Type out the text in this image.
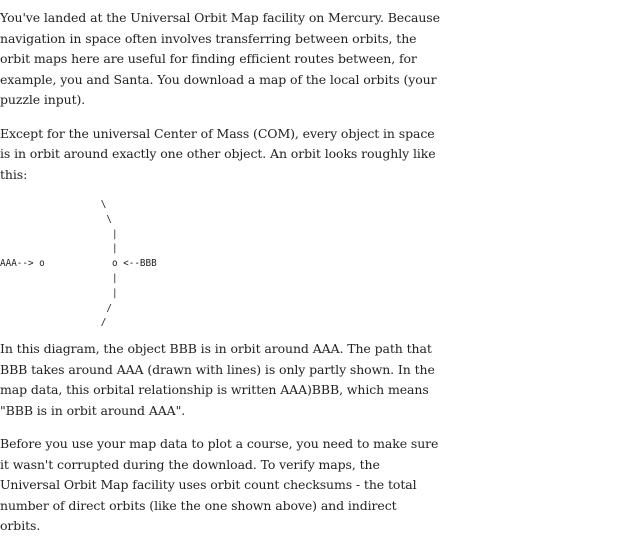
You've landed at the Universal Orbit Map facility on Mercury. Because navigation in space often involves transferring between orbits, the orbit maps here are useful for finding efficient routes between, for example, you and Santa. You download a map of the local orbits (your puzzle input).

Except for the universal Center of Mass (COM), every object in space is in orbit around exactly one other object. An orbit looks roughly like this:

\
\
|
|
AAA--> o            o <--BBB
|
|
/
/

In this diagram, the object BBB is in orbit around AAA. The path that BBB takes around AAA (drawn with lines) is only partly shown. In the map data, this orbital relationship is written AAA)BBB, which means "BBB is in orbit around AAA".

Before you use your map data to plot a course, you need to make sure it wasn't corrupted during the download. To verify maps, the Universal Orbit Map facility uses orbit count checksums - the total number of direct orbits (like the one shown above) and indirect orbits.
